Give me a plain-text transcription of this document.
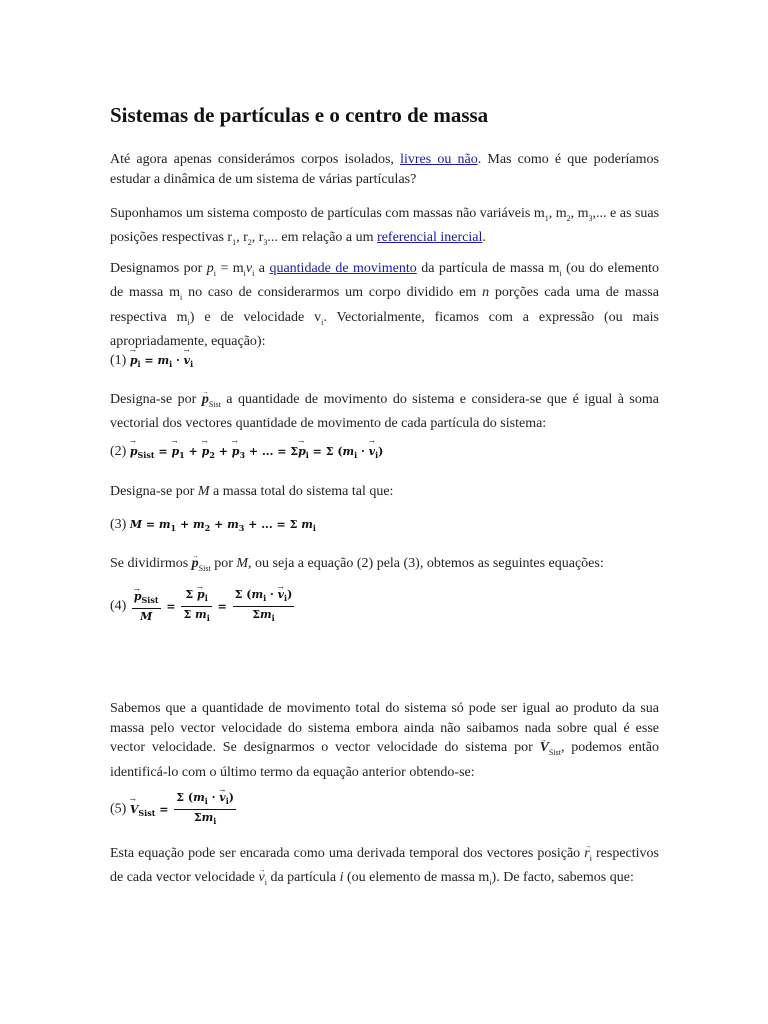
Sistemas de partículas e o centro de massa

Até agora apenas considerámos corpos isolados, livres ou não. Mas como é que poderíamos estudar a dinâmica de um sistema de várias partículas?

Suponhamos um sistema composto de partículas com massas não variáveis $m_1$, $m_2$, $m_3$,... e as suas posições respectivas $r_1$, $r_2$, $r_3$... em relação a um referencial inercial.

Designamos por $p_i = m_iv_i$ a quantidade de movimento da partícula de massa $m_i$ (ou do elemento de massa $m_i$ no caso de considerarmos um corpo dividido em n porções cada uma de massa respectiva $m_i$) e de velocidade $v_i$. Vectorialmente, ficamos com a expressão (ou mais apropriadamente, equação):

$(1) \to p_i = m_i$ · → $v_i$

Designa-se por → $p_{Sist}$ a quantidade de movimento do sistema e considera-se que é igual à soma vectorial dos vectores quantidade de movimento de cada partícula do sistema:

$(2) \to p_{Sist}$ = → $p_1$ + → $p_2$ + → $p_3$ + ... = $\Sigma\to p_i = \Sigma$ ($m_i$ · → $v_i$)

Designa-se por M a massa total do sistema tal que:

(3) $M = m_1 + m_2 + m_3$ + ... = Σ $m_i$

Se dividirmos → $p_{Sist}$ por M, ou seja a equação (2) pela (3), obtemos as seguintes equações:

(4)
→ $\frac{p_{Sist}}{M} = \frac{\Sigma \to p_i}{\Sigma m_i} = \frac{\Sigma (m_i \cdot \to v_i)}{\Sigma m_i}$

Sabemos que a quantidade de movimento total do sistema só pode ser igual ao produto da sua massa pelo vector velocidade do sistema embora ainda não saibamos nada sobre qual é esse vector velocidade. Se designarmos o vector velocidade do sistema por → $V_{Sist}$, podemos então identificá-lo com o último termo da equação anterior obtendo-se:

$(5) \to V_{Sist} = \frac{\Sigma (m_i \cdot \to v_i)}{\Sigma m_i}$

Esta equação pode ser encarada como uma derivada temporal dos vectores posição → $r_i$ respectivos de cada vector velocidade → $v_i$ da partícula i (ou elemento de massa $m_i$). De facto, sabemos que:
